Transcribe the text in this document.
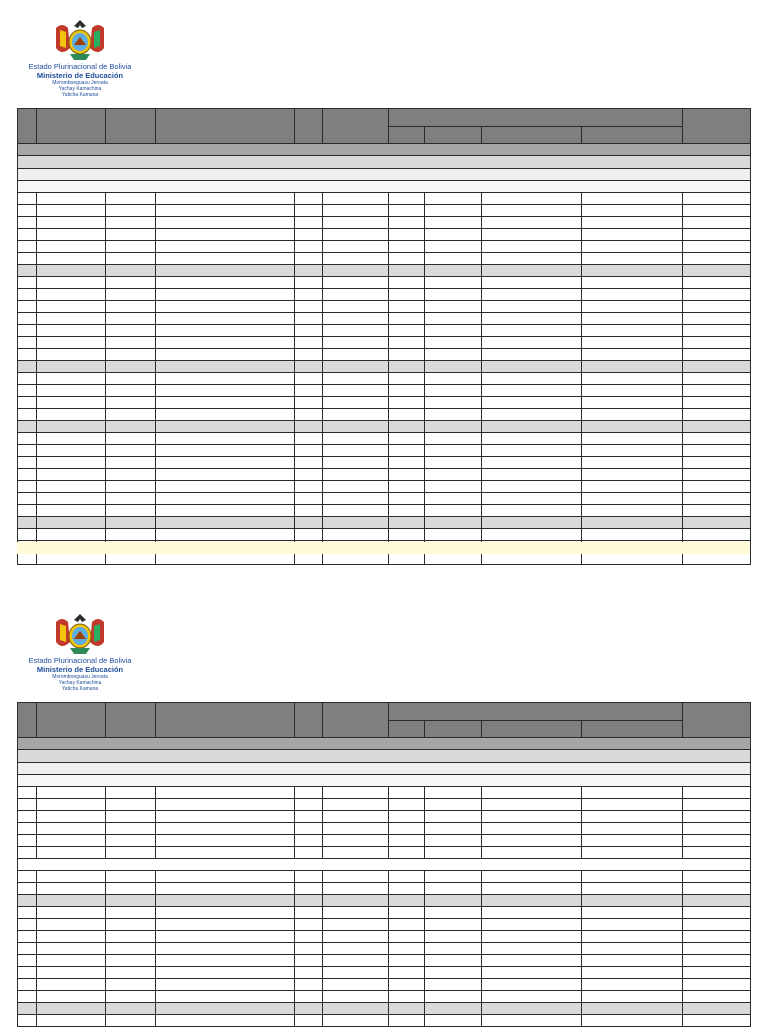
Estado Plurinacional de Bolivia
Ministerio de Educación
Moromboeguasu Jeroata
Yachay Kamachina
Yaticha Kamana

Estado Plurinacional de Bolivia
Ministerio de Educación
Moromboeguasu Jeroata
Yachay Kamachina
Yaticha Kamana
